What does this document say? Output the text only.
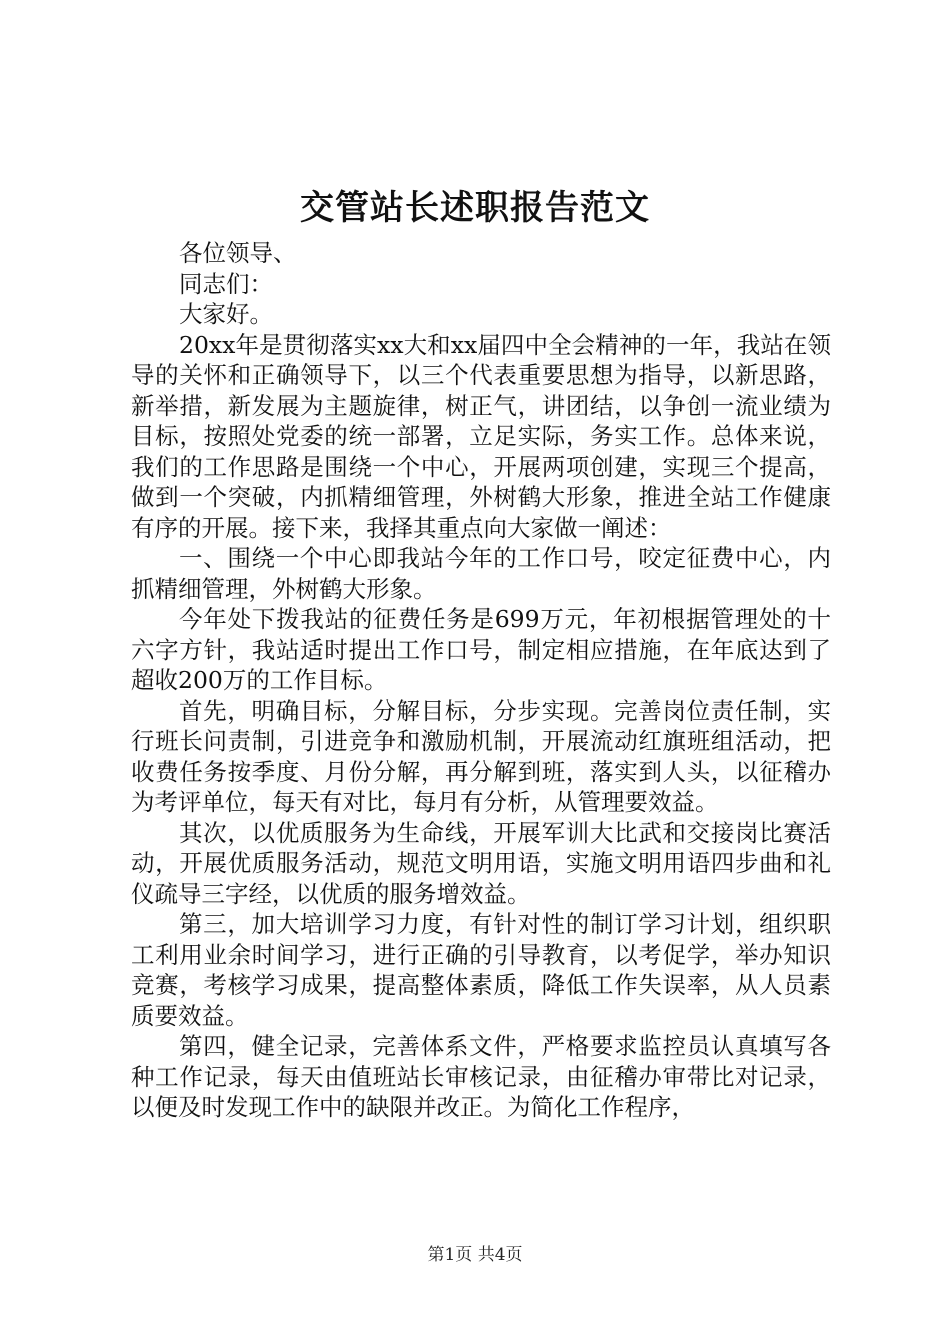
交管站长述职报告范文

各位领导、

同志们：

大家好。

20xx年是贯彻落实xx大和xx届四中全会精神的一年，我站在领导的关怀和正确领导下，以三个代表重要思想为指导，以新思路，新举措，新发展为主题旋律，树正气，讲团结，以争创一流业绩为目标，按照处党委的统一部署，立足实际，务实工作。总体来说，我们的工作思路是围绕一个中心，开展两项创建，实现三个提高，做到一个突破，内抓精细管理，外树鹤大形象，推进全站工作健康有序的开展。接下来，我择其重点向大家做一阐述：

一、围绕一个中心即我站今年的工作口号，咬定征费中心，内抓精细管理，外树鹤大形象。

今年处下拨我站的征费任务是699万元，年初根据管理处的十六字方针，我站适时提出工作口号，制定相应措施，在年底达到了超收200万的工作目标。

首先，明确目标，分解目标，分步实现。完善岗位责任制，实行班长问责制，引进竞争和激励机制，开展流动红旗班组活动，把收费任务按季度、月份分解，再分解到班，落实到人头，以征稽办为考评单位，每天有对比，每月有分析，从管理要效益。

其次，以优质服务为生命线，开展军训大比武和交接岗比赛活动，开展优质服务活动，规范文明用语，实施文明用语四步曲和礼仪疏导三字经，以优质的服务增效益。

第三，加大培训学习力度，有针对性的制订学习计划，组织职工利用业余时间学习，进行正确的引导教育，以考促学，举办知识竞赛，考核学习成果，提高整体素质，降低工作失误率，从人员素质要效益。

第四，健全记录，完善体系文件，严格要求监控员认真填写各种工作记录，每天由值班站长审核记录，由征稽办审带比对记录，以便及时发现工作中的缺限并改正。为简化工作程序，

第1页 共4页
